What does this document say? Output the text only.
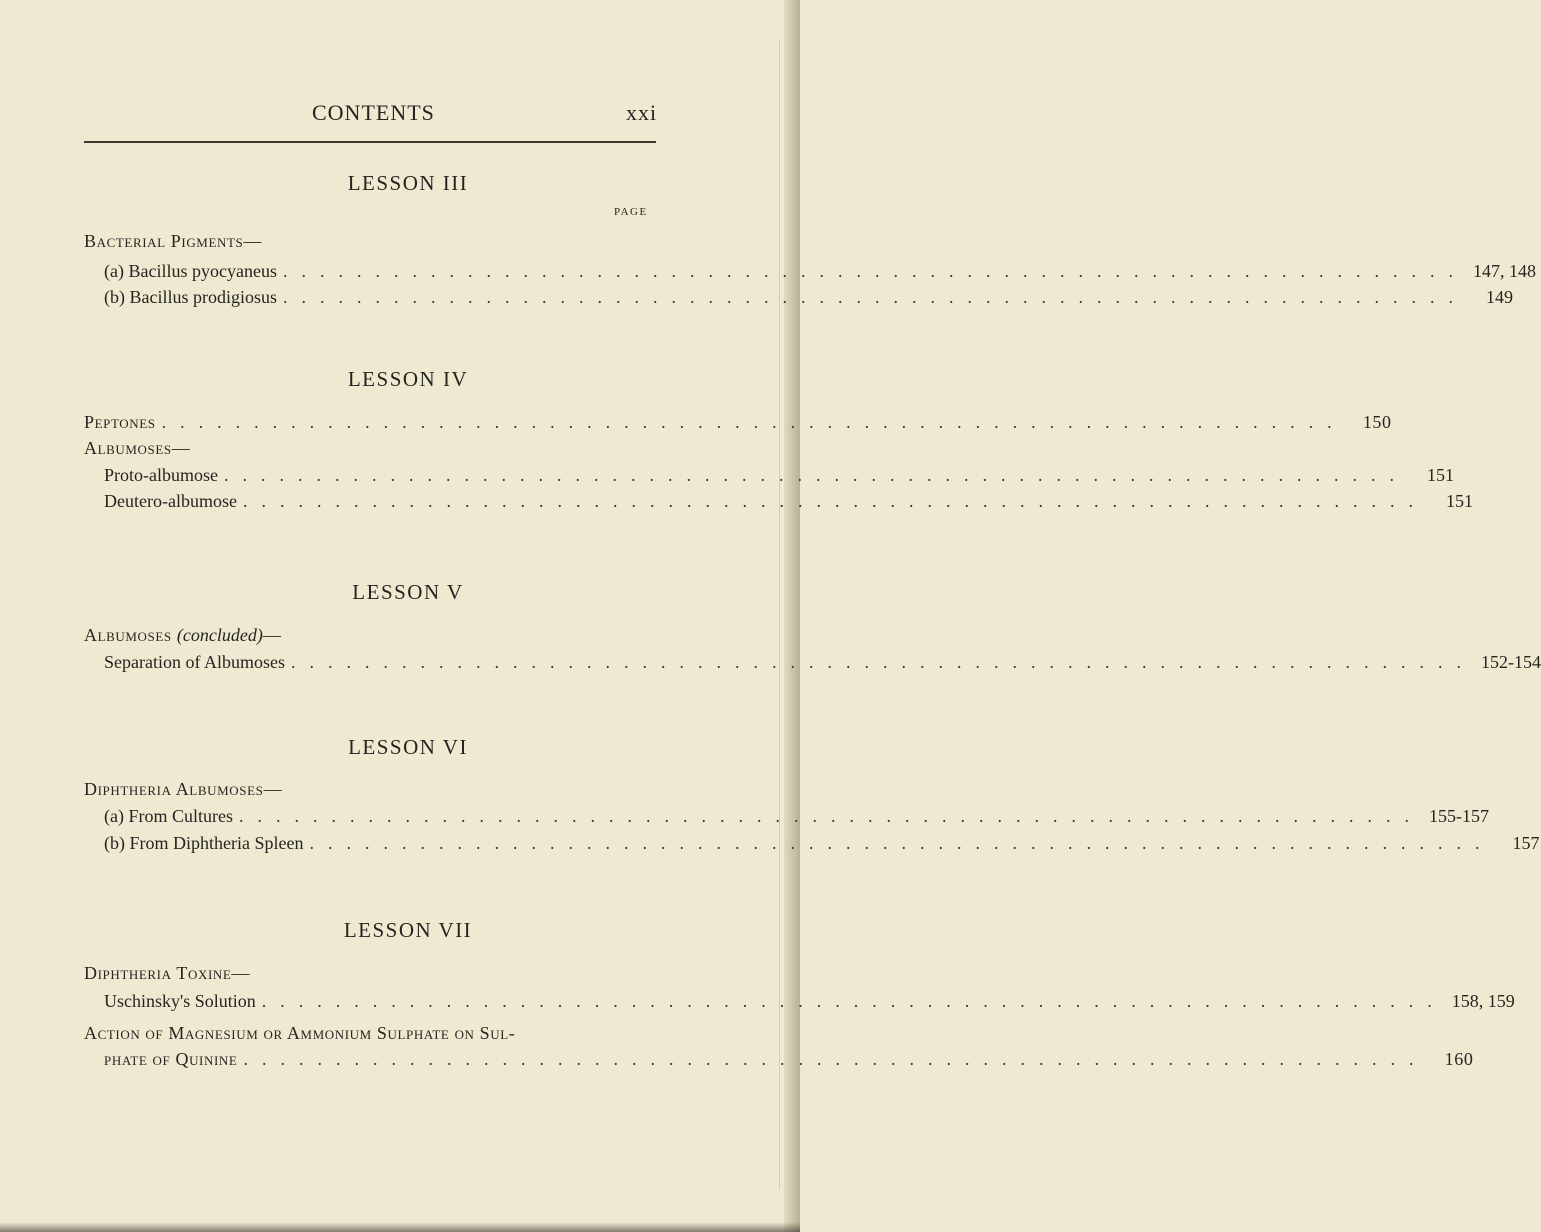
CONTENTS	xxi
LESSON III
PAGE
Bacterial Pigments—
(a) Bacillus pyocyaneus ................................................................ 147, 148
(b) Bacillus prodigiosus ................................................................	149
LESSON IV
Peptones ................................................................ 150
Albumoses—
Proto-albumose ................................................................	151
Deutero-albumose ................................................................	151
LESSON V
Albumoses (concluded)—
Separation of Albumoses ................................................................ 152-154
LESSON VI
Diphtheria Albumoses—
(a) From Cultures ................................................................ 155-157
(b) From Diphtheria Spleen ................................................................	157
LESSON VII
Diphtheria Toxine—
Uschinsky's Solution ................................................................ 158, 159
Action of Magnesium or Ammonium Sulphate on Sul-
phate of Quinine ................................................................ 160
